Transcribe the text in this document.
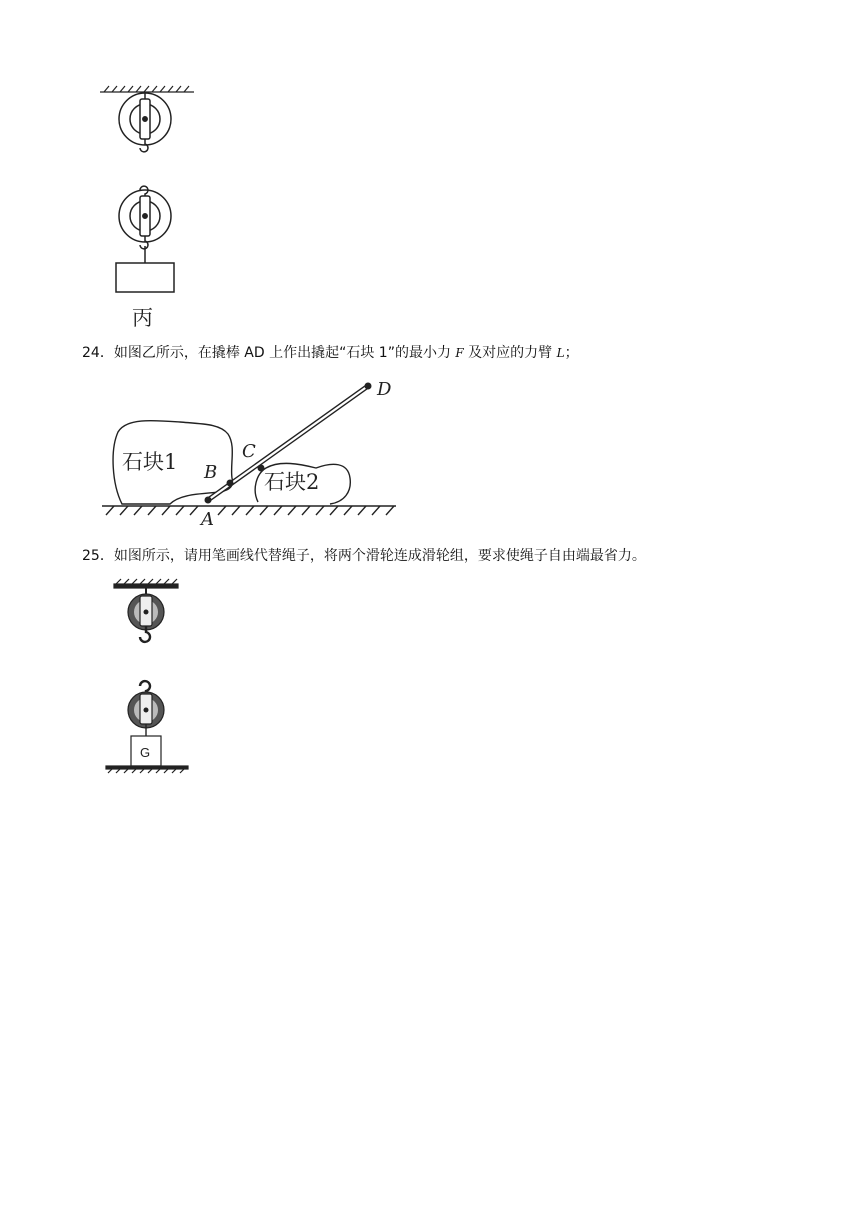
丙
24．如图乙所示，在撬棒 AD 上作出撬起“石块 1”的最小力 F 及对应的力臂 L；
石块1
石块2
A
B
C
D
25．如图所示，请用笔画线代替绳子，将两个滑轮连成滑轮组，要求使绳子自由端最省力。
G
